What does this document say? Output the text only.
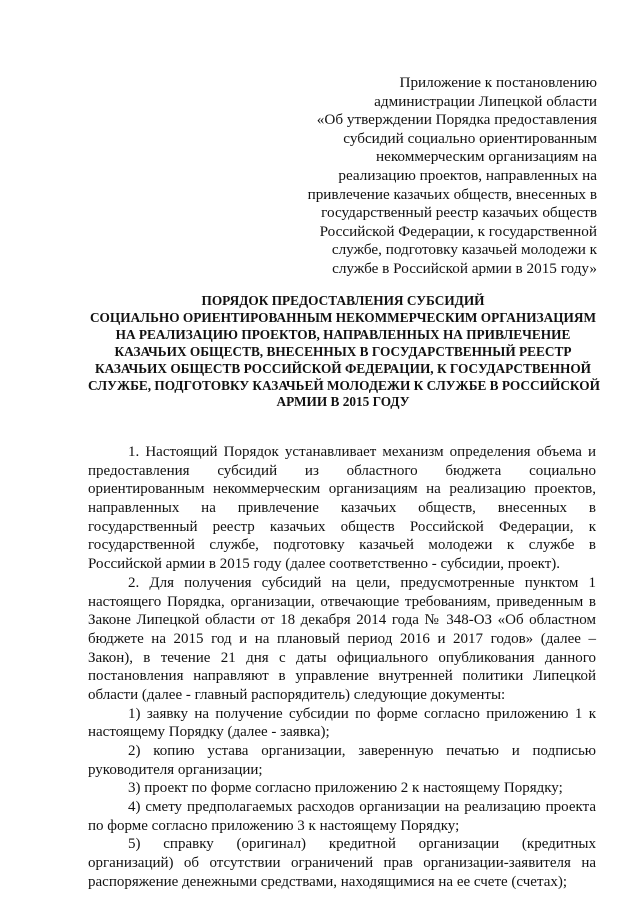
Приложение к постановлению
администрации Липецкой области
«Об утверждении Порядка предоставления
субсидий социально ориентированным
некоммерческим организациям на
реализацию проектов, направленных на
привлечение казачьих обществ, внесенных в
государственный реестр казачьих обществ
Российской Федерации, к государственной
службе, подготовку казачьей молодежи к
службе в Российской армии в 2015 году»
ПОРЯДОК ПРЕДОСТАВЛЕНИЯ СУБСИДИЙ
СОЦИАЛЬНО ОРИЕНТИРОВАННЫМ НЕКОММЕРЧЕСКИМ ОРГАНИЗАЦИЯМ
НА РЕАЛИЗАЦИЮ ПРОЕКТОВ, НАПРАВЛЕННЫХ НА ПРИВЛЕЧЕНИЕ
КАЗАЧЬИХ ОБЩЕСТВ, ВНЕСЕННЫХ В ГОСУДАРСТВЕННЫЙ РЕЕСТР
КАЗАЧЬИХ ОБЩЕСТВ РОССИЙСКОЙ ФЕДЕРАЦИИ, К ГОСУДАРСТВЕННОЙ
СЛУЖБЕ, ПОДГОТОВКУ КАЗАЧЬЕЙ МОЛОДЕЖИ К СЛУЖБЕ В РОССИЙСКОЙ
АРМИИ В 2015 ГОДУ
1. Настоящий Порядок устанавливает механизм определения объема и
предоставления субсидий из областного бюджета социально
ориентированным некоммерческим организациям на реализацию проектов,
направленных на привлечение казачьих обществ, внесенных в
государственный реестр казачьих обществ Российской Федерации, к
государственной службе, подготовку казачьей молодежи к службе в
Российской армии в 2015 году (далее соответственно - субсидии, проект).
2. Для получения субсидий на цели, предусмотренные пунктом 1
настоящего Порядка, организации, отвечающие требованиям, приведенным в
Законе Липецкой области от 18 декабря 2014 года № 348-ОЗ «Об областном
бюджете на 2015 год и на плановый период 2016 и 2017 годов» (далее –
Закон), в течение 21 дня с даты официального опубликования данного
постановления направляют в управление внутренней политики Липецкой
области (далее - главный распорядитель) следующие документы:
1) заявку на получение субсидии по форме согласно приложению 1 к
настоящему Порядку (далее - заявка);
2) копию устава организации, заверенную печатью и подписью
руководителя организации;
3) проект по форме согласно приложению 2 к настоящему Порядку;
4) смету предполагаемых расходов организации на реализацию проекта
по форме согласно приложению 3 к настоящему Порядку;
5) справку (оригинал) кредитной организации (кредитных
организаций) об отсутствии ограничений прав организации-заявителя на
распоряжение денежными средствами, находящимися на ее счете (счетах);
